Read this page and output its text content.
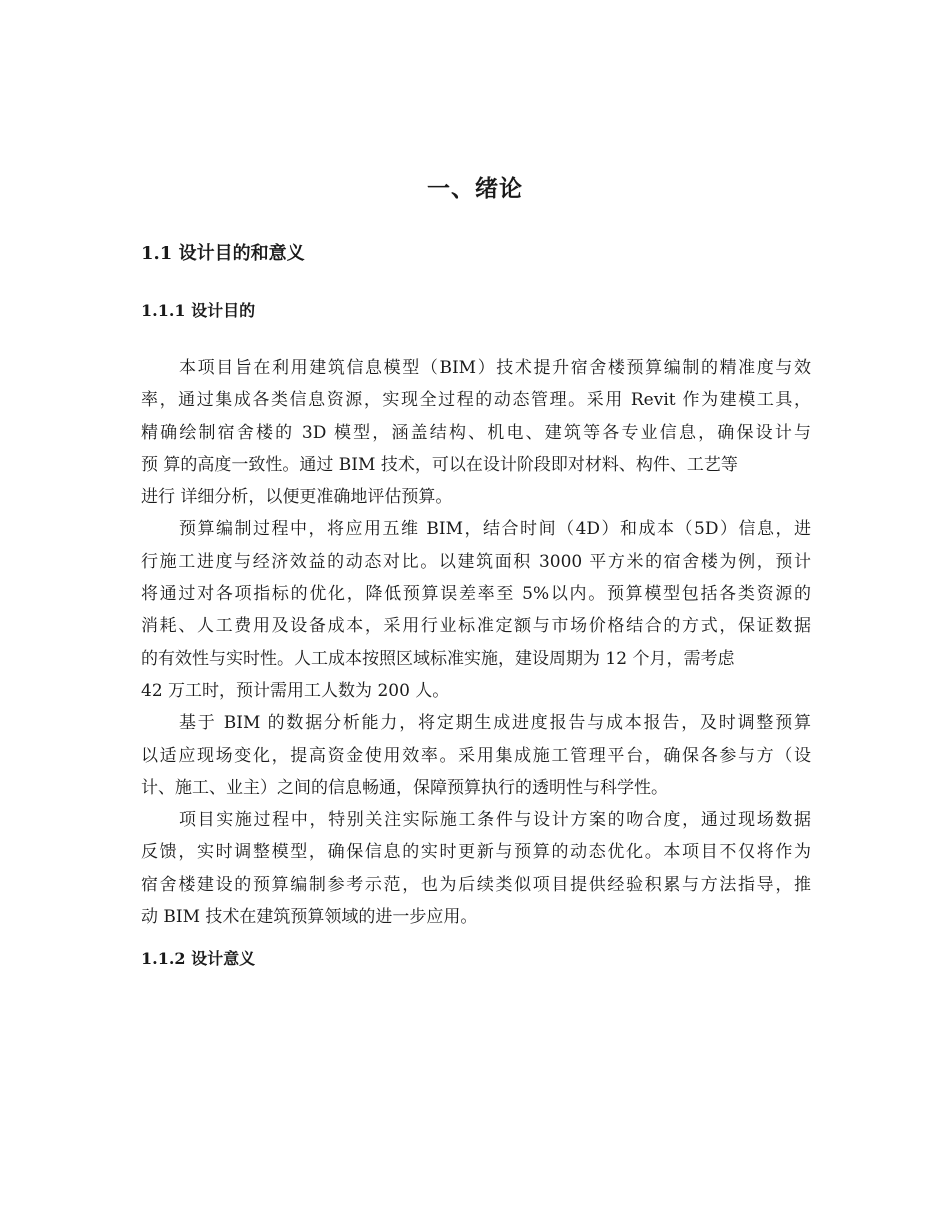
一、绪论
1.1 设计目的和意义
1.1.1 设计目的

本项目旨在利用建筑信息模型（BIM）技术提升宿舍楼预算编制的精准度与效
率，通过集成各类信息资源，实现全过程的动态管理。采用 Revit 作为建模工具，
精确绘制宿舍楼的 3D 模型，涵盖结构、机电、建筑等各专业信息，确保设计与
预 算的高度一致性。通过 BIM 技术，可以在设计阶段即对材料、构件、工艺等
进行 详细分析，以便更准确地评估预算。

预算编制过程中，将应用五维 BIM，结合时间（4D）和成本（5D）信息，进
行施工进度与经济效益的动态对比。以建筑面积 3000 平方米的宿舍楼为例，预计
将通过对各项指标的优化，降低预算误差率至 5%以内。预算模型包括各类资源的
消耗、人工费用及设备成本，采用行业标准定额与市场价格结合的方式，保证数据
的有效性与实时性。人工成本按照区域标准实施，建设周期为 12 个月，需考虑
42 万工时，预计需用工人数为 200 人。

基于 BIM 的数据分析能力，将定期生成进度报告与成本报告，及时调整预算
以适应现场变化，提高资金使用效率。采用集成施工管理平台，确保各参与方（设
计、施工、业主）之间的信息畅通，保障预算执行的透明性与科学性。

项目实施过程中，特别关注实际施工条件与设计方案的吻合度，通过现场数据
反馈，实时调整模型，确保信息的实时更新与预算的动态优化。本项目不仅将作为
宿舍楼建设的预算编制参考示范，也为后续类似项目提供经验积累与方法指导，推
动 BIM 技术在建筑预算领域的进一步应用。

1.1.2 设计意义
